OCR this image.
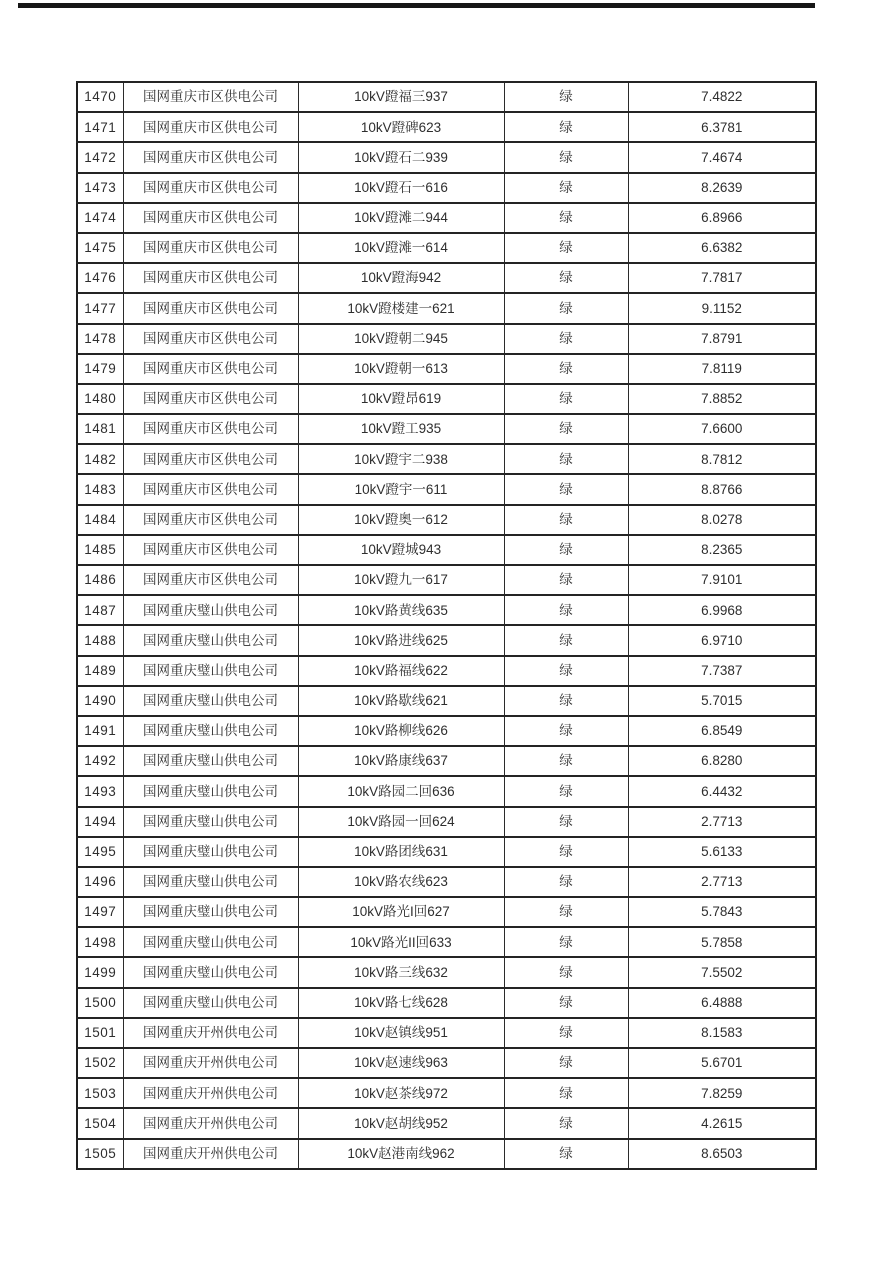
1470	国网重庆市区供电公司	10kV蹬福三937	绿	7.4822
1471	国网重庆市区供电公司	10kV蹬碑623	绿	6.3781
1472	国网重庆市区供电公司	10kV蹬石二939	绿	7.4674
1473	国网重庆市区供电公司	10kV蹬石一616	绿	8.2639
1474	国网重庆市区供电公司	10kV蹬滩二944	绿	6.8966
1475	国网重庆市区供电公司	10kV蹬滩一614	绿	6.6382
1476	国网重庆市区供电公司	10kV蹬海942	绿	7.7817
1477	国网重庆市区供电公司	10kV蹬楼建一621	绿	9.1152
1478	国网重庆市区供电公司	10kV蹬朝二945	绿	7.8791
1479	国网重庆市区供电公司	10kV蹬朝一613	绿	7.8119
1480	国网重庆市区供电公司	10kV蹬昂619	绿	7.8852
1481	国网重庆市区供电公司	10kV蹬工935	绿	7.6600
1482	国网重庆市区供电公司	10kV蹬宇二938	绿	8.7812
1483	国网重庆市区供电公司	10kV蹬宇一611	绿	8.8766
1484	国网重庆市区供电公司	10kV蹬奥一612	绿	8.0278
1485	国网重庆市区供电公司	10kV蹬城943	绿	8.2365
1486	国网重庆市区供电公司	10kV蹬九一617	绿	7.9101
1487	国网重庆璧山供电公司	10kV路黄线635	绿	6.9968
1488	国网重庆璧山供电公司	10kV路进线625	绿	6.9710
1489	国网重庆璧山供电公司	10kV路福线622	绿	7.7387
1490	国网重庆璧山供电公司	10kV路歇线621	绿	5.7015
1491	国网重庆璧山供电公司	10kV路柳线626	绿	6.8549
1492	国网重庆璧山供电公司	10kV路康线637	绿	6.8280
1493	国网重庆璧山供电公司	10kV路园二回636	绿	6.4432
1494	国网重庆璧山供电公司	10kV路园一回624	绿	2.7713
1495	国网重庆璧山供电公司	10kV路团线631	绿	5.6133
1496	国网重庆璧山供电公司	10kV路农线623	绿	2.7713
1497	国网重庆璧山供电公司	10kV路光I回627	绿	5.7843
1498	国网重庆璧山供电公司	10kV路光II回633	绿	5.7858
1499	国网重庆璧山供电公司	10kV路三线632	绿	7.5502
1500	国网重庆璧山供电公司	10kV路七线628	绿	6.4888
1501	国网重庆开州供电公司	10kV赵镇线951	绿	8.1583
1502	国网重庆开州供电公司	10kV赵速线963	绿	5.6701
1503	国网重庆开州供电公司	10kV赵茶线972	绿	7.8259
1504	国网重庆开州供电公司	10kV赵胡线952	绿	4.2615
1505	国网重庆开州供电公司	10kV赵港南线962	绿	8.6503
